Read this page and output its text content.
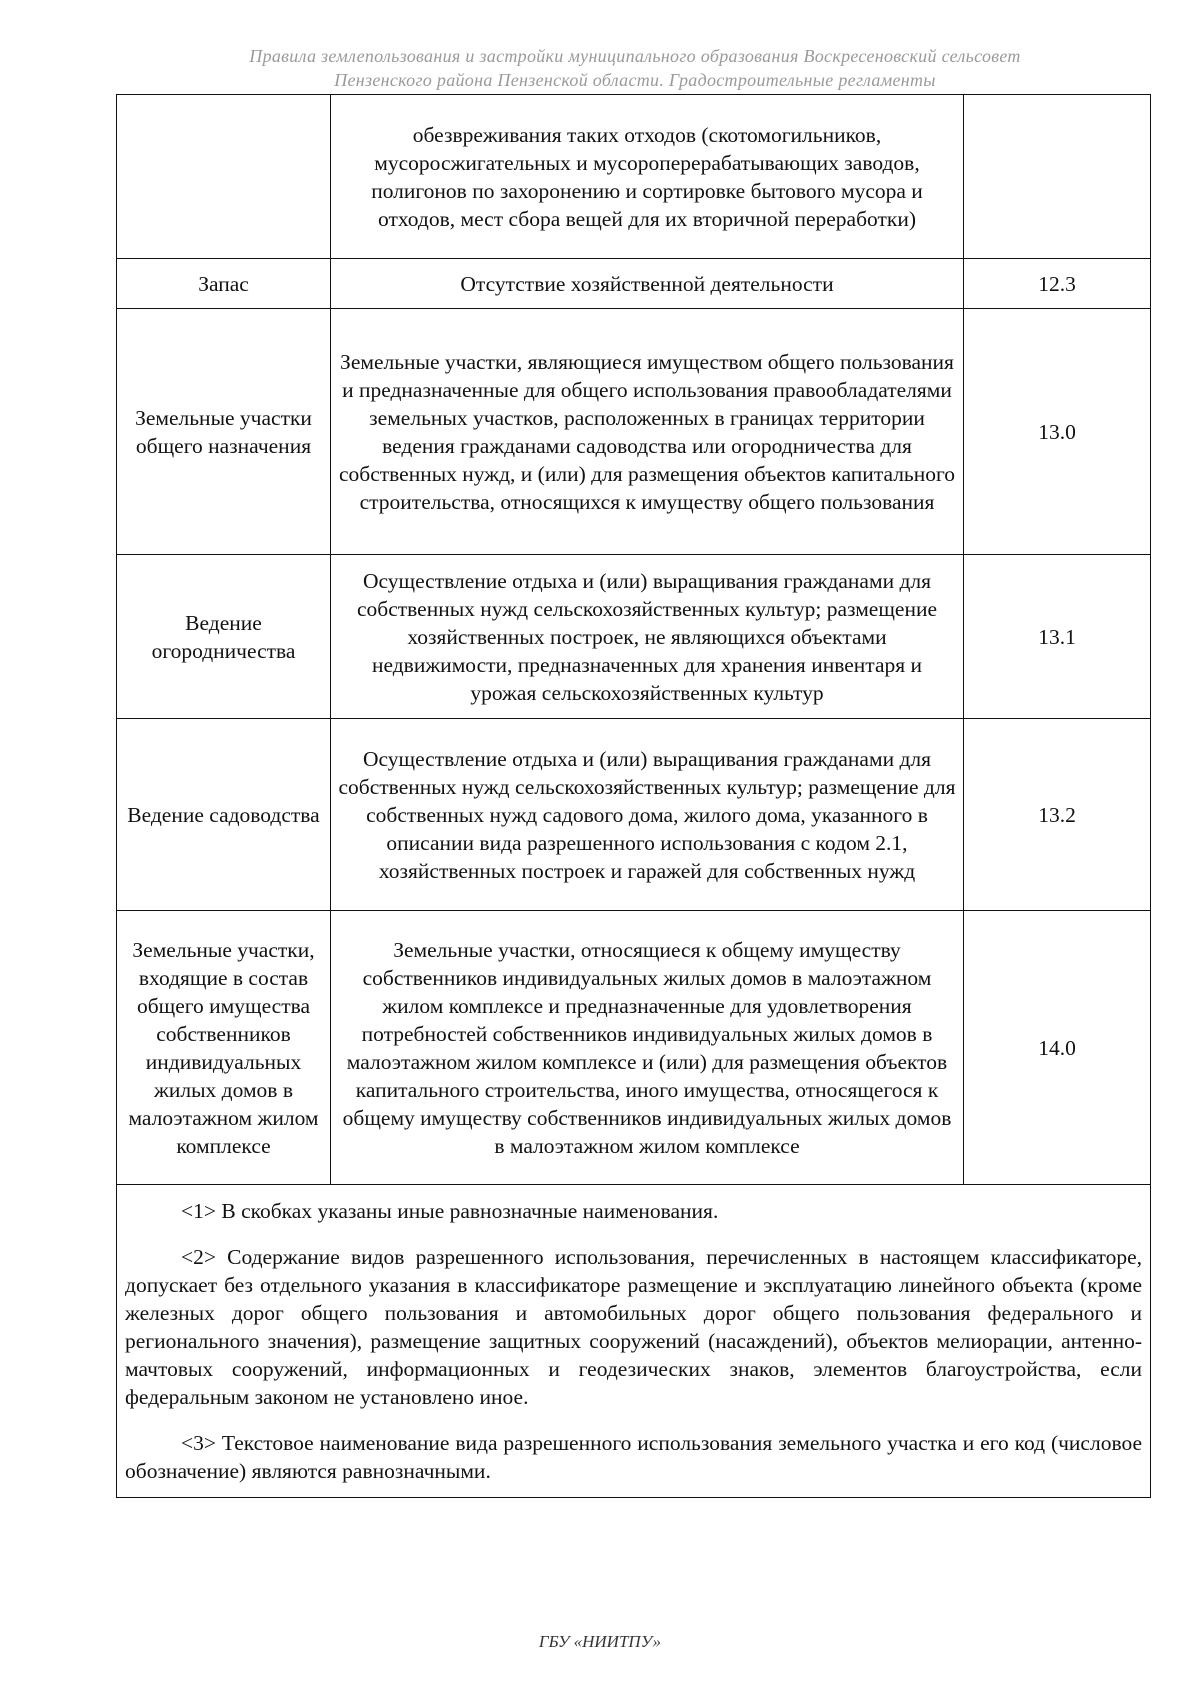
Правила землепользования и застройки муниципального образования Воскресеновский сельсовет
Пензенского района Пензенской области. Градостроительные регламенты
	обезвреживания таких отходов (скотомогильников, мусоросжигательных и мусороперерабатывающих заводов, полигонов по захоронению и сортировке бытового мусора и отходов, мест сбора вещей для их вторичной переработки)	
Запас	Отсутствие хозяйственной деятельности	12.3
Земельные участки общего назначения	Земельные участки, являющиеся имуществом общего пользования и предназначенные для общего использования правообладателями земельных участков, расположенных в границах территории ведения гражданами садоводства или огородничества для собственных нужд, и (или) для размещения объектов капитального строительства, относящихся к имуществу общего пользования	13.0
Ведение огородничества	Осуществление отдыха и (или) выращивания гражданами для собственных нужд сельскохозяйственных культур; размещение хозяйственных построек, не являющихся объектами недвижимости, предназначенных для хранения инвентаря и урожая сельскохозяйственных культур	13.1
Ведение садоводства	Осуществление отдыха и (или) выращивания гражданами для собственных нужд сельскохозяйственных культур; размещение для собственных нужд садового дома, жилого дома, указанного в описании вида разрешенного использования с кодом 2.1, хозяйственных построек и гаражей для собственных нужд	13.2
Земельные участки, входящие в состав общего имущества собственников индивидуальных жилых домов в малоэтажном жилом комплексе	Земельные участки, относящиеся к общему имуществу собственников индивидуальных жилых домов в малоэтажном жилом комплексе и предназначенные для удовлетворения потребностей собственников индивидуальных жилых домов в малоэтажном жилом комплексе и (или) для размещения объектов капитального строительства, иного имущества, относящегося к общему имуществу собственников индивидуальных жилых домов в малоэтажном жилом комплексе	14.0

<1> В скобках указаны иные равнозначные наименования.

<2> Содержание видов разрешенного использования, перечисленных в настоящем классификаторе, допускает без отдельного указания в классификаторе размещение и эксплуатацию линейного объекта (кроме железных дорог общего пользования и автомобильных дорог общего пользования федерального и регионального значения), размещение защитных сооружений (насаждений), объектов мелиорации, антенно-мачтовых сооружений, информационных и геодезических знаков, элементов благоустройства, если федеральным законом не установлено иное.

<3> Текстовое наименование вида разрешенного использования земельного участка и его код (числовое обозначение) являются равнозначными.		

ГБУ «НИИТПУ»
